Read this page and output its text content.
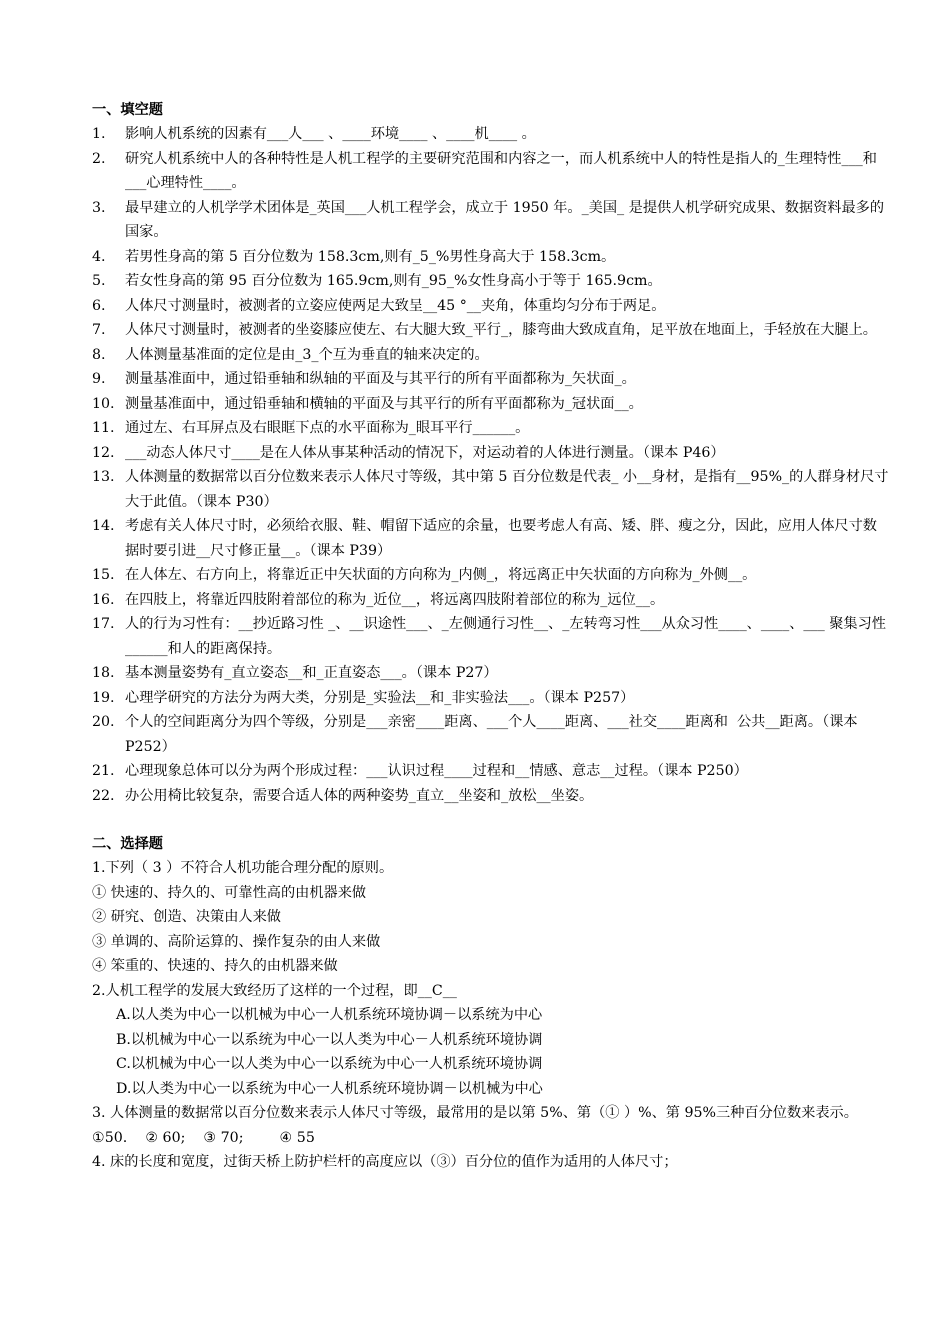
一、填空题
1.	影响人机系统的因素有___人___ 、____环境____ 、____机____ 。
2.	研究人机系统中人的各种特性是人机工程学的主要研究范围和内容之一，而人机系统中人的特性是指人的_生理特性___和___心理特性____。
3.	最早建立的人机学学术团体是_英国___人机工程学会，成立于 1950 年。_美国_ 是提供人机学研究成果、数据资料最多的国家。
4.	若男性身高的第 5 百分位数为 158.3cm,则有_5_%男性身高大于 158.3cm。
5.	若女性身高的第 95 百分位数为 165.9cm,则有_95_%女性身高小于等于 165.9cm。
6.	人体尺寸测量时，被测者的立姿应使两足大致呈__45 °__夹角，体重均匀分布于两足。
7.	人体尺寸测量时，被测者的坐姿膝应使左、右大腿大致_平行_，膝弯曲大致成直角，足平放在地面上，手轻放在大腿上。
8.	人体测量基准面的定位是由_3_个互为垂直的轴来决定的。
9.	测量基准面中，通过铅垂轴和纵轴的平面及与其平行的所有平面都称为_矢状面_。
10. 测量基准面中，通过铅垂轴和横轴的平面及与其平行的所有平面都称为_冠状面__。
11. 通过左、右耳屏点及右眼眶下点的水平面称为_眼耳平行______。
12. ___动态人体尺寸____是在人体从事某种活动的情况下，对运动着的人体进行测量。（课本 P46）
13. 人体测量的数据常以百分位数来表示人体尺寸等级，其中第 5 百分位数是代表_ 小__身材，是指有__95%_的人群身材尺寸大于此值。（课本 P30）
14. 考虑有关人体尺寸时，必须给衣服、鞋、帽留下适应的余量，也要考虑人有高、矮、胖、瘦之分，因此，应用人体尺寸数据时要引进__尺寸修正量__。（课本 P39）
15. 在人体左、右方向上，将靠近正中矢状面的方向称为_内侧_，将远离正中矢状面的方向称为_外侧__。
16. 在四肢上，将靠近四肢附着部位的称为_近位__，将远离四肢附着部位的称为_远位__。
17. 人的行为习性有：__抄近路习性 _、__识途性___、_左侧通行习性__、_左转弯习性___从众习性____、____、___ 聚集习性______和人的距离保持。
18. 基本测量姿势有_直立姿态__和_正直姿态___。（课本 P27）
19. 心理学研究的方法分为两大类，分别是_实验法__和_非实验法___。（课本 P257）
20. 个人的空间距离分为四个等级，分别是___亲密____距离、___个人____距离、___社交____距离和  公共__距离。（课本 P252）
21. 心理现象总体可以分为两个形成过程：___认识过程____过程和__情感、意志__过程。（课本 P250）
22. 办公用椅比较复杂，需要合适人体的两种姿势_直立__坐姿和_放松__坐姿。
二、选择题
1.下列（ 3 ）不符合人机功能合理分配的原则。
① 快速的、持久的、可靠性高的由机器来做
② 研究、创造、决策由人来做
③ 单调的、高阶运算的、操作复杂的由人来做
④ 笨重的、快速的、持久的由机器来做
2.人机工程学的发展大致经历了这样的一个过程，即__C__
A.以人类为中心一以机械为中心一人机系统环境协调－以系统为中心
B.以机械为中心一以系统为中心一以人类为中心－人机系统环境协调
C.以机械为中心一以人类为中心一以系统为中心一人机系统环境协调
D.以人类为中心一以系统为中心一人机系统环境协调－以机械为中心
3. 人体测量的数据常以百分位数来表示人体尺寸等级，最常用的是以第 5%、第（① ）%、第 95%三种百分位数来表示。
①50.    ② 60;    ③ 70;        ④ 55
4. 床的长度和宽度，过街天桥上防护栏杆的高度应以（③）百分位的值作为适用的人体尺寸；
